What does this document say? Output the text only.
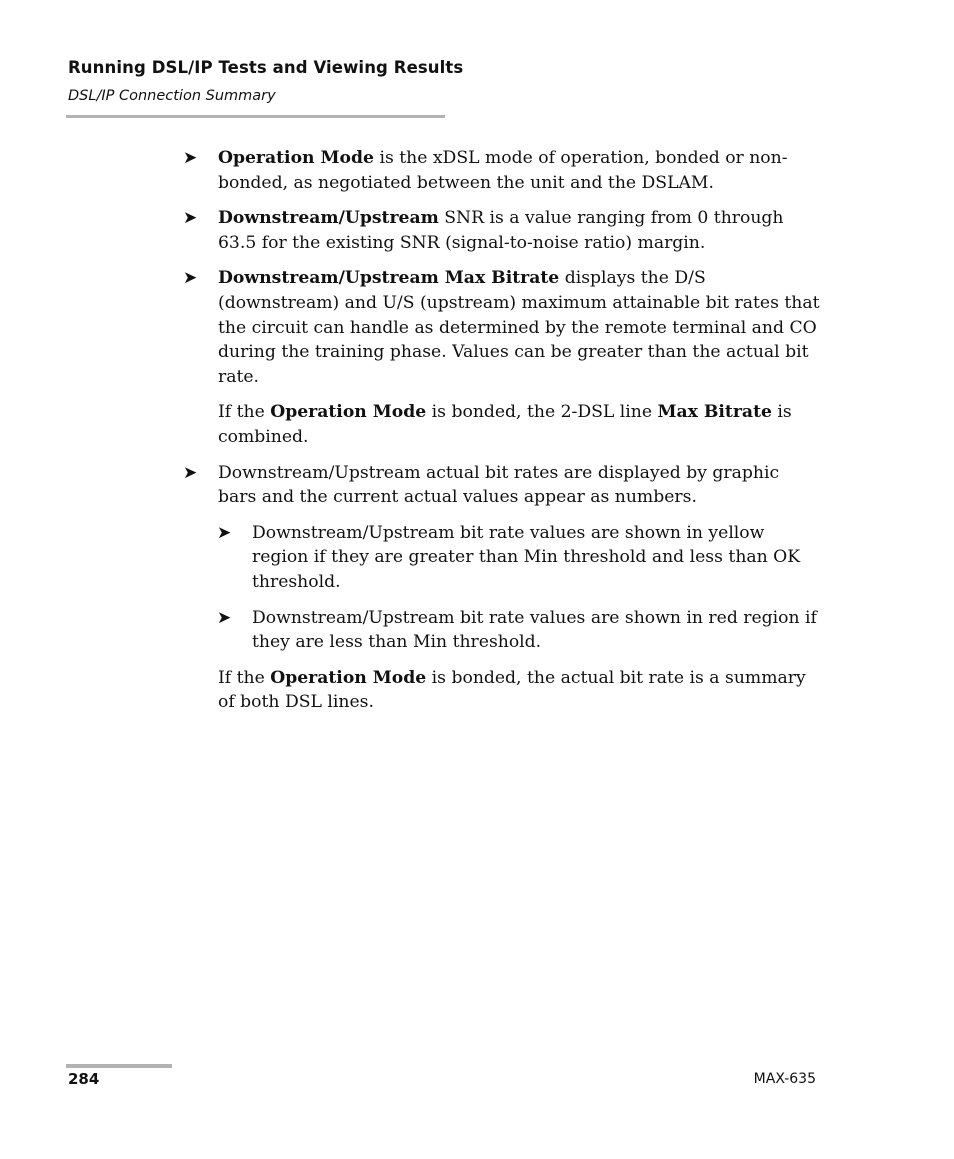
Running DSL/IP Tests and Viewing Results
DSL/IP Connection Summary
➤ Operation Mode is the xDSL mode of operation, bonded or non-bonded, as negotiated between the unit and the DSLAM.
➤ Downstream/Upstream SNR is a value ranging from 0 through 63.5 for the existing SNR (signal-to-noise ratio) margin.
➤ Downstream/Upstream Max Bitrate displays the D/S (downstream) and U/S (upstream) maximum attainable bit rates that the circuit can handle as determined by the remote terminal and CO during the training phase. Values can be greater than the actual bit rate.
If the Operation Mode is bonded, the 2-DSL line Max Bitrate is combined.
➤ Downstream/Upstream actual bit rates are displayed by graphic bars and the current actual values appear as numbers.
➤ Downstream/Upstream bit rate values are shown in yellow region if they are greater than Min threshold and less than OK threshold.
➤ Downstream/Upstream bit rate values are shown in red region if they are less than Min threshold.
If the Operation Mode is bonded, the actual bit rate is a summary of both DSL lines.
284	MAX-635
